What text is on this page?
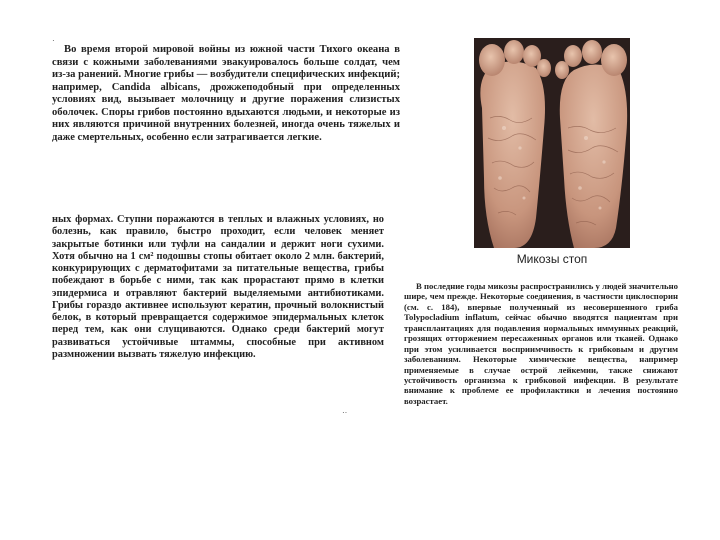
Во время второй мировой войны из южной части Тихого океана в связи с кожными заболеваниями эвакуировалось больше солдат, чем из-за ранений. Многие грибы — возбудители специфических инфекций; например, Candida albicans, дрожжеподобный при определенных условиях вид, вызывает молочницу и другие поражения слизистых оболочек. Споры грибов постоянно вдыхаются людьми, и некоторые из них являются причиной внутренних болезней, иногда очень тяжелых и даже смертельных, особенно если затрагивается легкие.
ных формах. Ступни поражаются в теплых и влажных условиях, но болезнь, как правило, быстро проходит, если человек меняет закрытые ботинки или туфли на сандалии и держит ноги сухими. Хотя обычно на 1 см² подошвы стопы обитает около 2 млн. бактерий, конкурирующих с дерматофитами за питательные вещества, грибы побеждают в борьбе с ними, так как прорастают прямо в клетки эпидермиса и отравляют бактерий выделяемыми антибиотиками. Грибы гораздо активнее используют кератин, прочный волокнистый белок, в который превращается содержимое эпидермальных клеток перед тем, как они слущиваются. Однако среди бактерий могут развиваться устойчивые штаммы, способные при активном размножении вызвать тяжелую инфекцию.
В последние годы микозы распространились у людей значительно шире, чем прежде. Некоторые соединения, в частности циклоспорин (см. с. 184), впервые полученный из несовершенного гриба Tolypocladium inflatum, сейчас обычно вводятся пациентам при трансплантациях для подавления нормальных иммунных реакций, грозящих отторжением пересаженных органов или тканей. Однако при этом усиливается восприимчивость к грибковым и другим заболеваниям. Некоторые химические вещества, например применяемые в случае острой лейкемии, также снижают устойчивость организма к грибковой инфекции. В результате внимание к проблеме ее профилактики и лечения постоянно возрастает.
Микозы стоп
·
··
